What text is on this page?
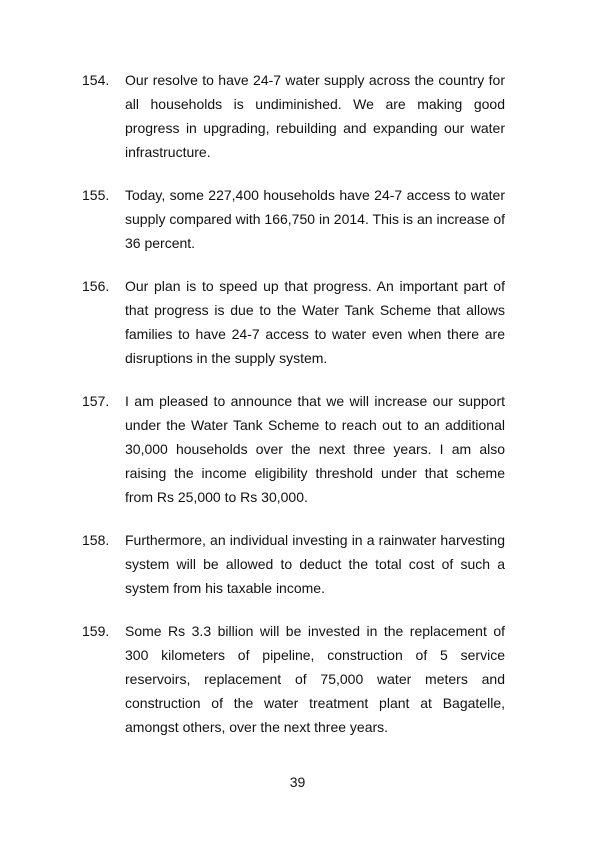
154. Our resolve to have 24-7 water supply across the country for all households is undiminished. We are making good progress in upgrading, rebuilding and expanding our water infrastructure.
155. Today, some 227,400 households have 24-7 access to water supply compared with 166,750 in 2014. This is an increase of 36 percent.
156. Our plan is to speed up that progress. An important part of that progress is due to the Water Tank Scheme that allows families to have 24-7 access to water even when there are disruptions in the supply system.
157. I am pleased to announce that we will increase our support under the Water Tank Scheme to reach out to an additional 30,000 households over the next three years. I am also raising the income eligibility threshold under that scheme from Rs 25,000 to Rs 30,000.
158. Furthermore, an individual investing in a rainwater harvesting system will be allowed to deduct the total cost of such a system from his taxable income.
159. Some Rs 3.3 billion will be invested in the replacement of 300 kilometers of pipeline, construction of 5 service reservoirs, replacement of 75,000 water meters and construction of the water treatment plant at Bagatelle, amongst others, over the next three years.
39
